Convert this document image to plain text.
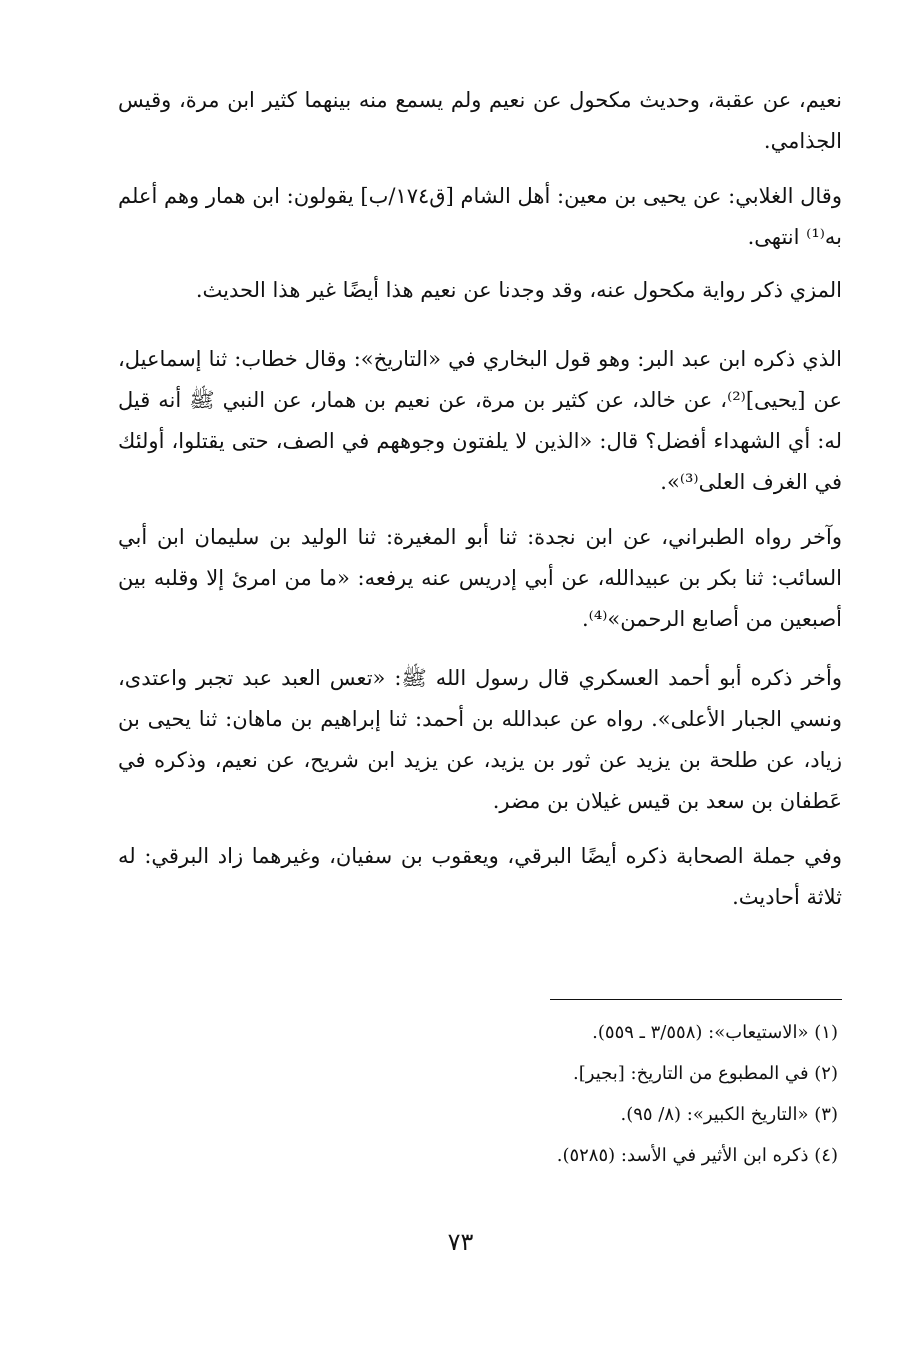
نعيم، عن عقبة، وحديث مكحول عن نعيم ولم يسمع منه بينهما كثير ابن مرة، وقيس الجذامي.

وقال الغلابي: عن يحيى بن معين: أهل الشام [ق١٧٤/ب] يقولون: ابن همار وهم أعلم به⁽¹⁾ انتهى.

المزي ذكر رواية مكحول عنه، وقد وجدنا عن نعيم هذا أيضًا غير هذا الحديث.

الذي ذكره ابن عبد البر: وهو قول البخاري في «التاريخ»: وقال خطاب: ثنا إسماعيل، عن [يحيى]⁽²⁾، عن خالد، عن كثير بن مرة، عن نعيم بن همار، عن النبي ﷺ أنه قيل له: أي الشهداء أفضل؟ قال: «الذين لا يلفتون وجوههم في الصف، حتى يقتلوا، أولئك في الغرف العلى⁽³⁾».

وآخر رواه الطبراني، عن ابن نجدة: ثنا أبو المغيرة: ثنا الوليد بن سليمان ابن أبي السائب: ثنا بكر بن عبيدالله، عن أبي إدريس عنه يرفعه: «ما من امرئ إلا وقلبه بين أصبعين من أصابع الرحمن»⁽⁴⁾.

وأخر ذكره أبو أحمد العسكري قال رسول الله ﷺ: «تعس العبد عبد تجبر واعتدى، ونسي الجبار الأعلى». رواه عن عبدالله بن أحمد: ثنا إبراهيم بن ماهان: ثنا يحيى بن زياد، عن طلحة بن يزيد عن ثور بن يزيد، عن يزيد ابن شريح، عن نعيم، وذكره في عَطفان بن سعد بن قيس غيلان بن مضر.

وفي جملة الصحابة ذكره أيضًا البرقي، ويعقوب بن سفيان، وغيرهما زاد البرقي: له ثلاثة أحاديث.

(١) «الاستيعاب»: (٣/٥٥٨ ـ ٥٥٩).

(٢) في المطبوع من التاريخ: [بجير].

(٣) «التاريخ الكبير»: (٨/ ٩٥).

(٤) ذكره ابن الأثير في الأسد: (٥٢٨٥).

٧٣
